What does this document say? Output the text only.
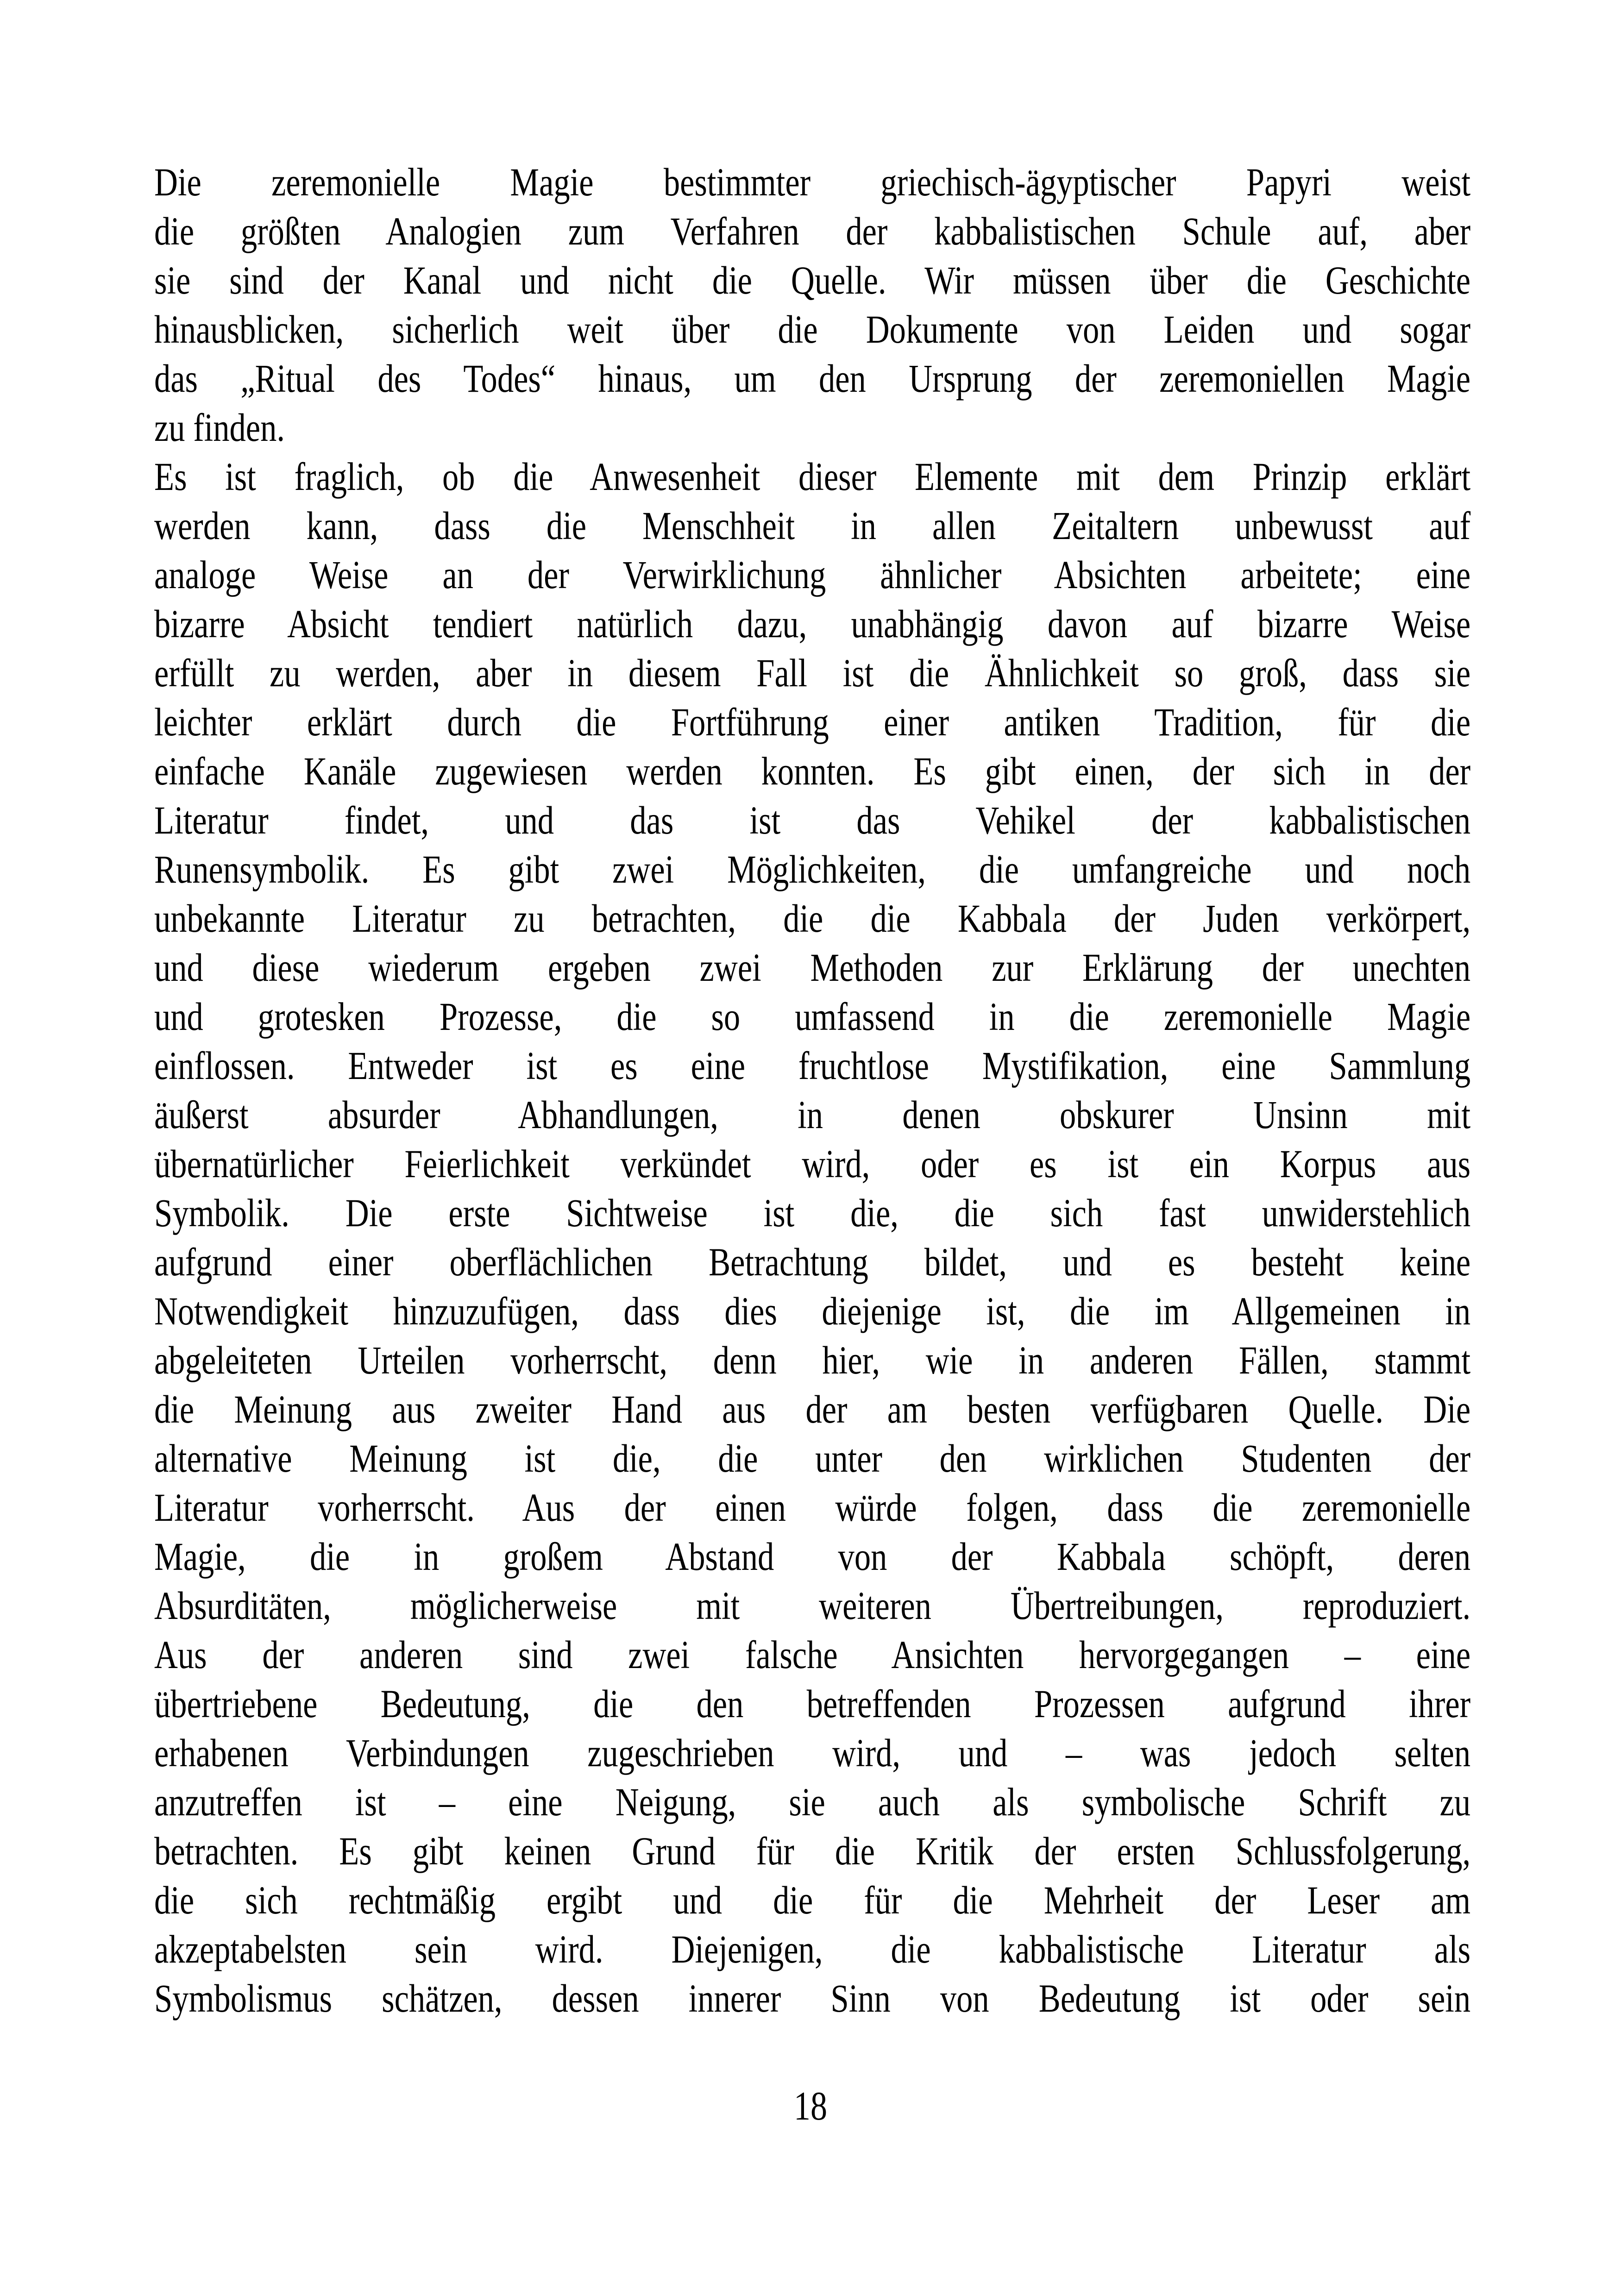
Die zeremonielle Magie bestimmter griechisch-ägyptischer Papyri weist
die größten Analogien zum Verfahren der kabbalistischen Schule auf, aber
sie sind der Kanal und nicht die Quelle. Wir müssen über die Geschichte
hinausblicken, sicherlich weit über die Dokumente von Leiden und sogar
das „Ritual des Todes“ hinaus, um den Ursprung der zeremoniellen Magie
zu finden.
Es ist fraglich, ob die Anwesenheit dieser Elemente mit dem Prinzip erklärt
werden kann, dass die Menschheit in allen Zeitaltern unbewusst auf
analoge Weise an der Verwirklichung ähnlicher Absichten arbeitete; eine
bizarre Absicht tendiert natürlich dazu, unabhängig davon auf bizarre Weise
erfüllt zu werden, aber in diesem Fall ist die Ähnlichkeit so groß, dass sie
leichter erklärt durch die Fortführung einer antiken Tradition, für die
einfache Kanäle zugewiesen werden konnten. Es gibt einen, der sich in der
Literatur findet, und das ist das Vehikel der kabbalistischen
Runensymbolik. Es gibt zwei Möglichkeiten, die umfangreiche und noch
unbekannte Literatur zu betrachten, die die Kabbala der Juden verkörpert,
und diese wiederum ergeben zwei Methoden zur Erklärung der unechten
und grotesken Prozesse, die so umfassend in die zeremonielle Magie
einflossen. Entweder ist es eine fruchtlose Mystifikation, eine Sammlung
äußerst absurder Abhandlungen, in denen obskurer Unsinn mit
übernatürlicher Feierlichkeit verkündet wird, oder es ist ein Korpus aus
Symbolik. Die erste Sichtweise ist die, die sich fast unwiderstehlich
aufgrund einer oberflächlichen Betrachtung bildet, und es besteht keine
Notwendigkeit hinzuzufügen, dass dies diejenige ist, die im Allgemeinen in
abgeleiteten Urteilen vorherrscht, denn hier, wie in anderen Fällen, stammt
die Meinung aus zweiter Hand aus der am besten verfügbaren Quelle. Die
alternative Meinung ist die, die unter den wirklichen Studenten der
Literatur vorherrscht. Aus der einen würde folgen, dass die zeremonielle
Magie, die in großem Abstand von der Kabbala schöpft, deren
Absurditäten, möglicherweise mit weiteren Übertreibungen, reproduziert.
Aus der anderen sind zwei falsche Ansichten hervorgegangen – eine
übertriebene Bedeutung, die den betreffenden Prozessen aufgrund ihrer
erhabenen Verbindungen zugeschrieben wird, und – was jedoch selten
anzutreffen ist – eine Neigung, sie auch als symbolische Schrift zu
betrachten. Es gibt keinen Grund für die Kritik der ersten Schlussfolgerung,
die sich rechtmäßig ergibt und die für die Mehrheit der Leser am
akzeptabelsten sein wird. Diejenigen, die kabbalistische Literatur als
Symbolismus schätzen, dessen innerer Sinn von Bedeutung ist oder sein
18
